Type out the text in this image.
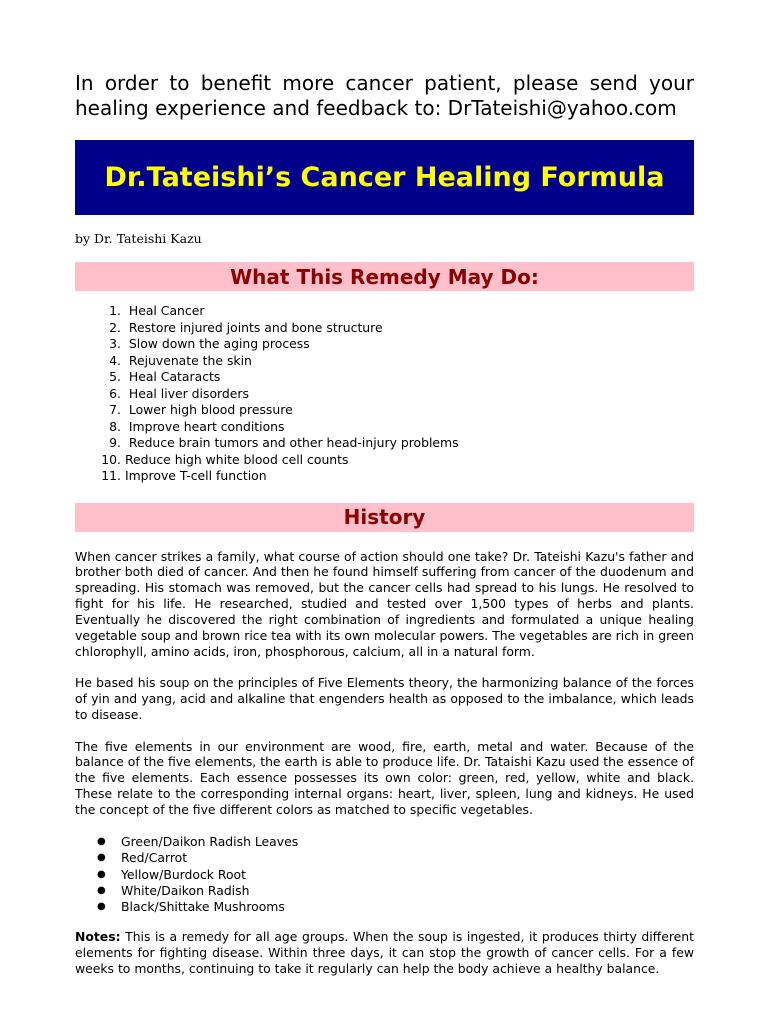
In order to benefit more cancer patient, please send your healing experience and feedback to: DrTateishi@yahoo.com

Dr.Tateishi’s Cancer Healing Formula
by Dr. Tateishi Kazu
What This Remedy May Do:
1.
Heal Cancer
2.
Restore injured joints and bone structure
3.
Slow down the aging process
4.
Rejuvenate the skin
5.
Heal Cataracts
6.
Heal liver disorders
7.
Lower high blood pressure
8.
Improve heart conditions
9.
Reduce brain tumors and other head-injury problems
10.
Reduce high white blood cell counts
11.
Improve T-cell function
History

When cancer strikes a family, what course of action should one take? Dr. Tateishi Kazu's father and brother both died of cancer. And then he found himself suffering from cancer of the duodenum and spreading. His stomach was removed, but the cancer cells had spread to his lungs. He resolved to fight for his life. He researched, studied and tested over 1,500 types of herbs and plants. Eventually he discovered the right combination of ingredients and formulated a unique healing vegetable soup and brown rice tea with its own molecular powers. The vegetables are rich in green chlorophyll, amino acids, iron, phosphorous, calcium, all in a natural form.

He based his soup on the principles of Five Elements theory, the harmonizing balance of the forces of yin and yang, acid and alkaline that engenders health as opposed to the imbalance, which leads to disease.

The five elements in our environment are wood, fire, earth, metal and water. Because of the balance of the five elements, the earth is able to produce life. Dr. Tataishi Kazu used the essence of the five elements. Each essence possesses its own color: green, red, yellow, white and black. These relate to the corresponding internal organs: heart, liver, spleen, lung and kidneys. He used the concept of the five different colors as matched to specific vegetables.

●	Green/Daikon Radish Leaves
●	Red/Carrot
●	Yellow/Burdock Root
●	White/Daikon Radish
●	Black/Shittake Mushrooms

Notes: This is a remedy for all age groups. When the soup is ingested, it produces thirty different elements for fighting disease. Within three days, it can stop the growth of cancer cells. For a few weeks to months, continuing to take it regularly can help the body achieve a healthy balance.
